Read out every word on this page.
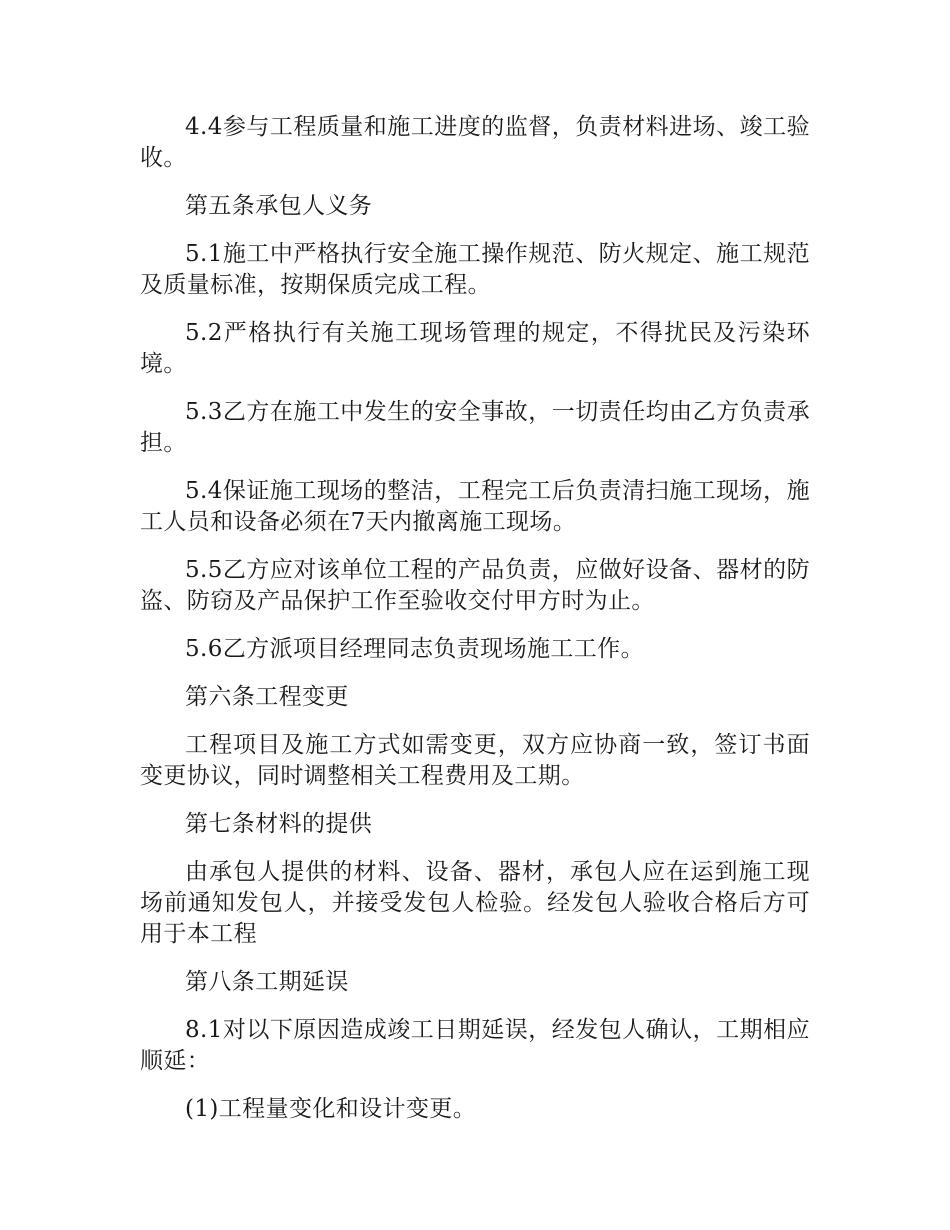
4.4参与工程质量和施工进度的监督，负责材料进场、竣工验收。

第五条承包人义务

5.1施工中严格执行安全施工操作规范、防火规定、施工规范及质量标准，按期保质完成工程。

5.2严格执行有关施工现场管理的规定，不得扰民及污染环境。

5.3乙方在施工中发生的安全事故，一切责任均由乙方负责承担。

5.4保证施工现场的整洁，工程完工后负责清扫施工现场，施工人员和设备必须在7天内撤离施工现场。

5.5乙方应对该单位工程的产品负责，应做好设备、器材的防盗、防窃及产品保护工作至验收交付甲方时为止。

5.6乙方派项目经理同志负责现场施工工作。

第六条工程变更

工程项目及施工方式如需变更，双方应协商一致，签订书面变更协议，同时调整相关工程费用及工期。

第七条材料的提供

由承包人提供的材料、设备、器材，承包人应在运到施工现场前通知发包人，并接受发包人检验。经发包人验收合格后方可用于本工程

第八条工期延误

8.1对以下原因造成竣工日期延误，经发包人确认，工期相应顺延：

(1)工程量变化和设计变更。
